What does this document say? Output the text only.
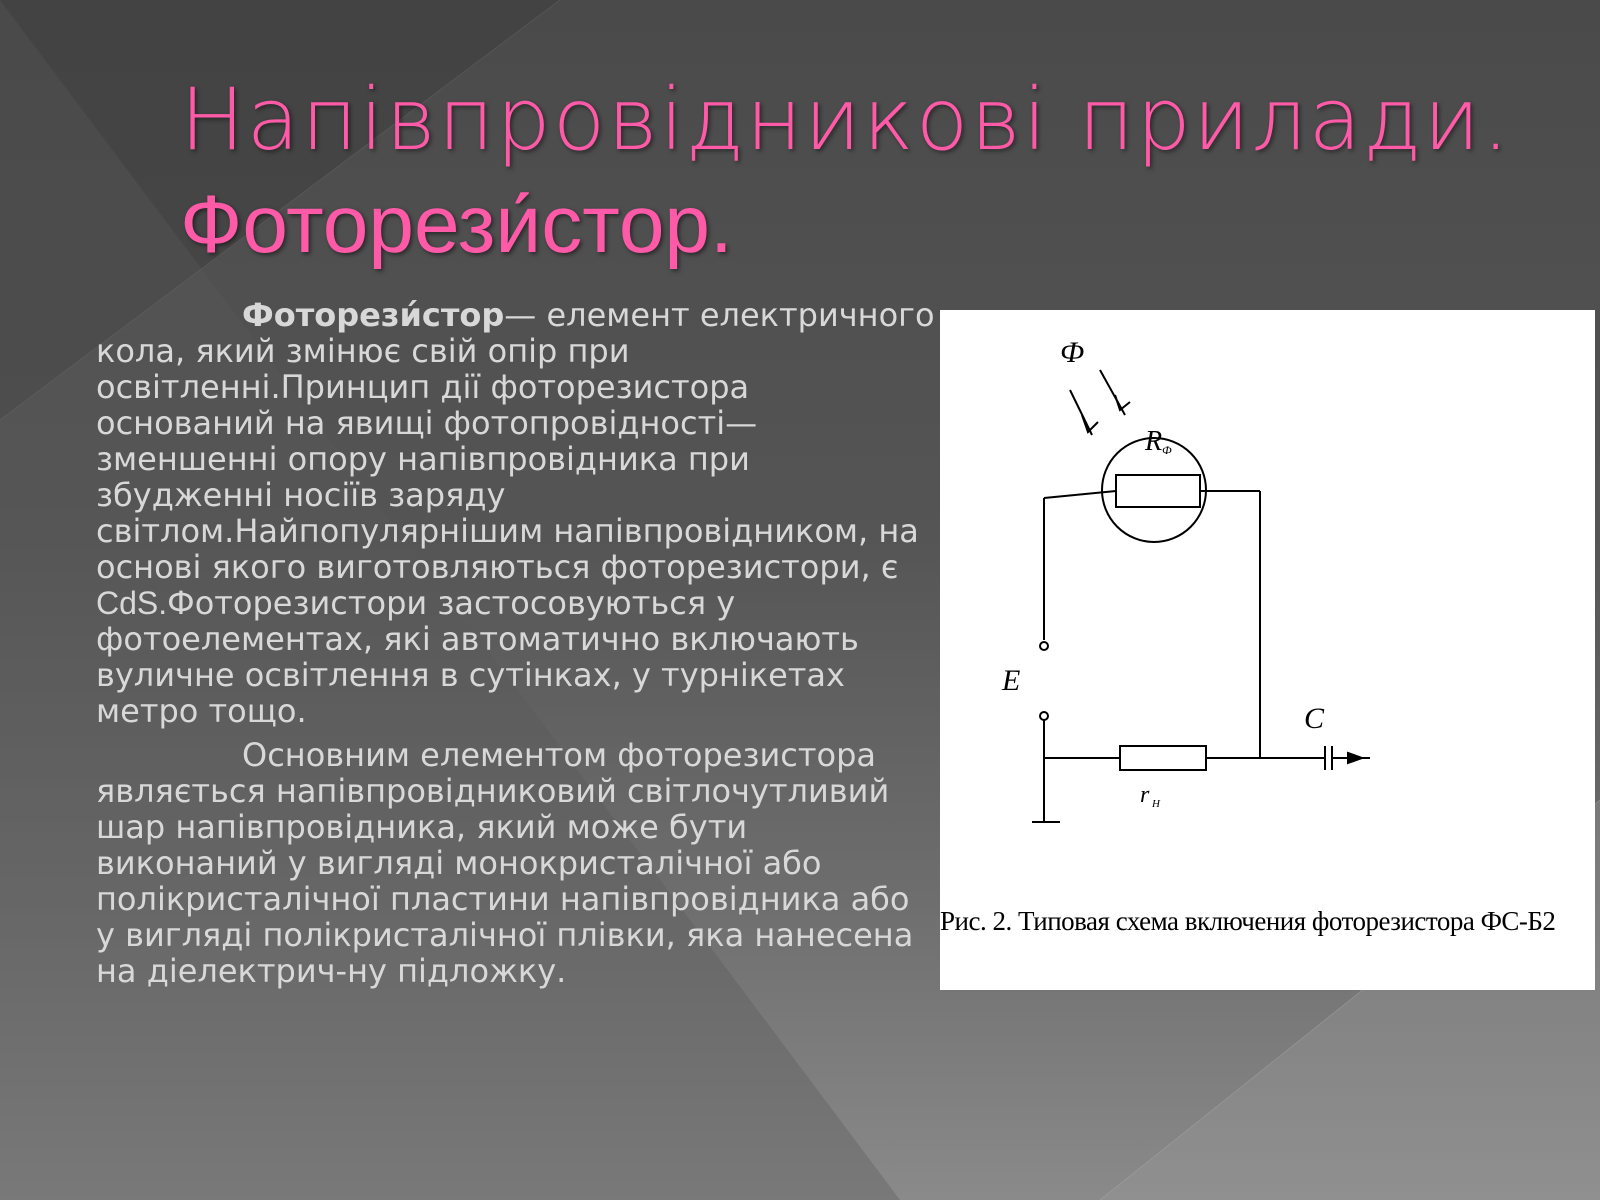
Напівпровідникові прилади.
Фоторези́стор.

Фоторези́стор— елемент електричного кола, який змінює свій опір при освітленні.Принцип дії фоторезистора оснований на явищі фотопровідності—зменшенні опору напівпровідника при збудженні носіїв заряду світлом.Найпопулярнішим напівпровідником, на основі якого виготовляються фоторезистори, є CdS.Фоторезистори застосовуються у фотоелементах, які автоматично включають вуличне освітлення в сутінках, у турнікетах метро тощо.

Основним елементом фоторезистора являється напівпровідниковий світлочутливий шар напівпровідника, який може бути виконаний у вигляді монокристалічної або полікристалічної пластини напівпровідника або у вигляді полікристалічної плівки, яка нанесена на діелектрич-ну підложку.

Ф
R Ф
E
C
r Н
Рис. 2. Типовая схема включения фоторезистора ФС-Б2
